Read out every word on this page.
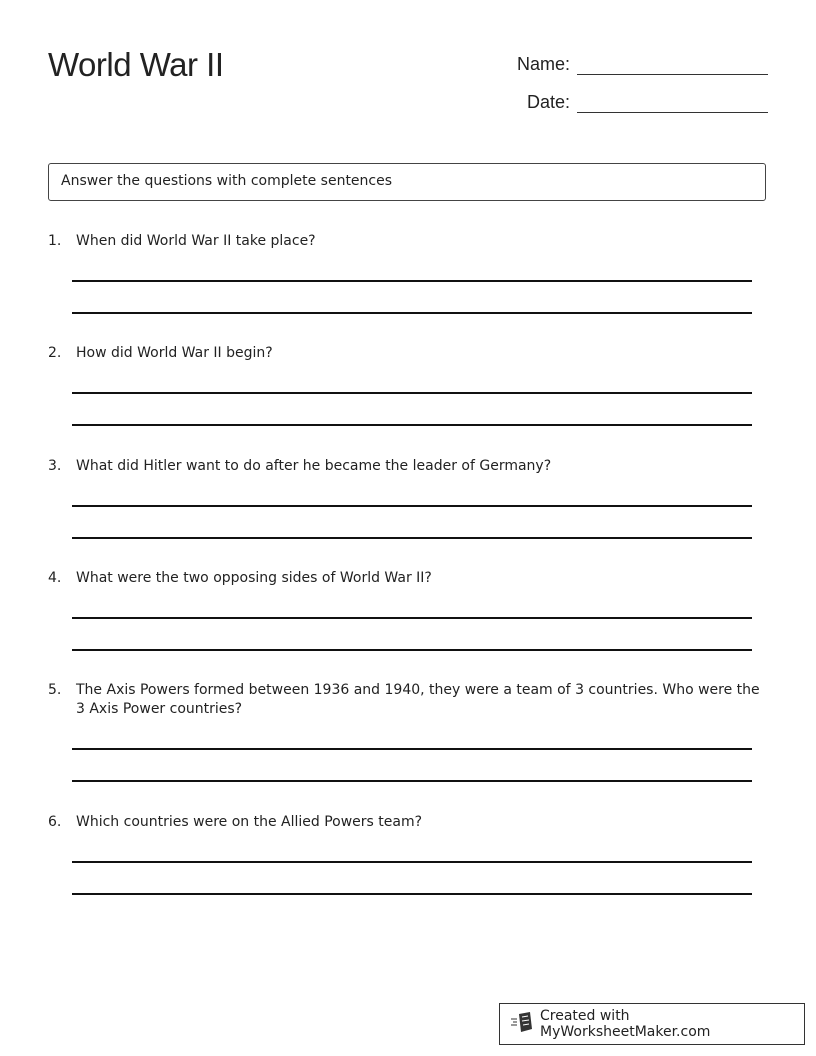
World War II	Name:
Date:
Answer the questions with complete sentences
1.	When did World War II take place?
2.	How did World War II begin?
3.	What did Hitler want to do after he became the leader of Germany?
4.	What were the two opposing sides of World War II?
5.	The Axis Powers formed between 1936 and 1940, they were a team of 3 countries. Who were the 3 Axis Power countries?
6.	Which countries were on the Allied Powers team?
Created with MyWorksheetMaker.com
